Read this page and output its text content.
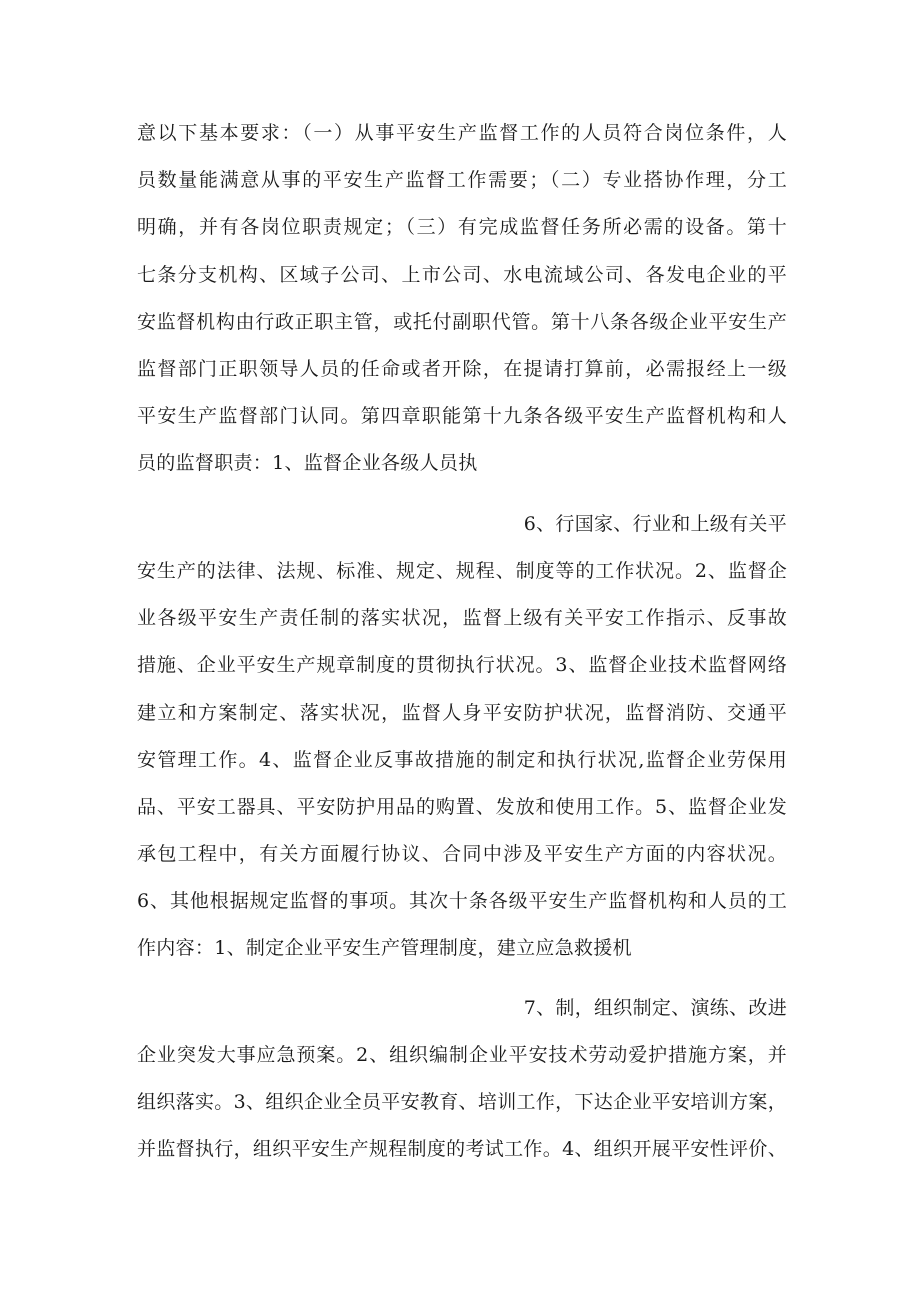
意以下基本要求：（一）从事平安生产监督工作的人员符合岗位条件，人
员数量能满意从事的平安生产监督工作需要；（二）专业搭协作理，分工
明确，并有各岗位职责规定；（三）有完成监督任务所必需的设备。第十
七条分支机构、区域子公司、上市公司、水电流域公司、各发电企业的平
安监督机构由行政正职主管，或托付副职代管。第十八条各级企业平安生产
监督部门正职领导人员的任命或者开除，在提请打算前，必需报经上一级
平安生产监督部门认同。第四章职能第十九条各级平安生产监督机构和人
员的监督职责：1、监督企业各级人员执
6、行国家、行业和上级有关平
安生产的法律、法规、标准、规定、规程、制度等的工作状况。2、监督企
业各级平安生产责任制的落实状况，监督上级有关平安工作指示、反事故
措施、企业平安生产规章制度的贯彻执行状况。3、监督企业技术监督网络
建立和方案制定、落实状况，监督人身平安防护状况，监督消防、交通平
安管理工作。4、监督企业反事故措施的制定和执行状况,监督企业劳保用
品、平安工器具、平安防护用品的购置、发放和使用工作。5、监督企业发
承包工程中，有关方面履行协议、合同中涉及平安生产方面的内容状况。
6、其他根据规定监督的事项。其次十条各级平安生产监督机构和人员的工
作内容：1、制定企业平安生产管理制度，建立应急救援机
7、制，组织制定、演练、改进
企业突发大事应急预案。2、组织编制企业平安技术劳动爱护措施方案，并
组织落实。3、组织企业全员平安教育、培训工作，下达企业平安培训方案，
并监督执行，组织平安生产规程制度的考试工作。4、组织开展平安性评价、
